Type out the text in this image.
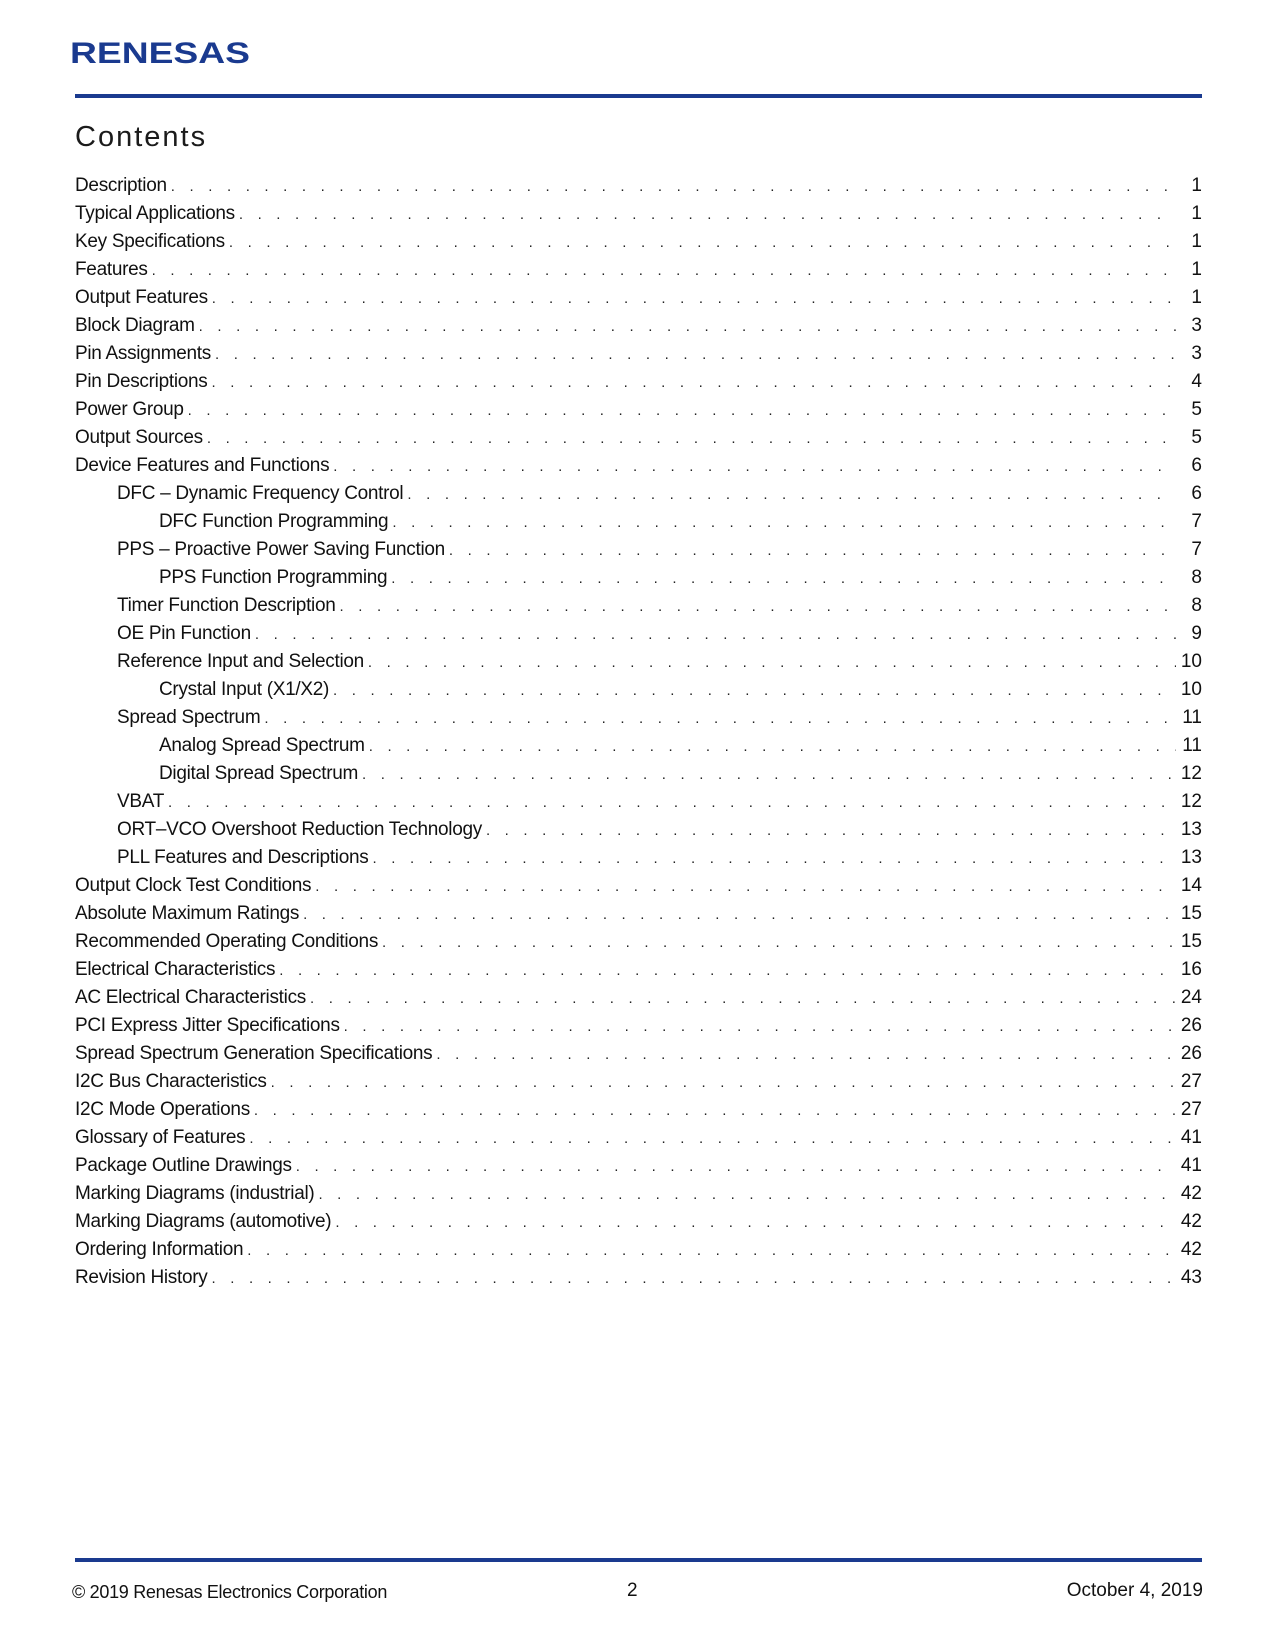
RENESAS
Contents
Description . . .	1
Typical Applications . . .	1
Key Specifications . . .	1
Features . . .	1
Output Features . . .	1
Block Diagram . . .	3
Pin Assignments . . .	3
Pin Descriptions . . .	4
Power Group . . .	5
Output Sources . . .	5
Device Features and Functions . . .	6
DFC – Dynamic Frequency Control . . .	6
DFC Function Programming . . .	7
PPS – Proactive Power Saving Function . . .	7
PPS Function Programming . . .	8
Timer Function Description . . .	8
OE Pin Function . . .	9
Reference Input and Selection . . .	10
Crystal Input (X1/X2) . . .	10
Spread Spectrum . . .	11
Analog Spread Spectrum . . .	11
Digital Spread Spectrum . . .	12
VBAT . . .	12
ORT–VCO Overshoot Reduction Technology . . .	13
PLL Features and Descriptions . . .	13
Output Clock Test Conditions . . .	14
Absolute Maximum Ratings . . .	15
Recommended Operating Conditions . . .	15
Electrical Characteristics . . .	16
AC Electrical Characteristics . . .	24
PCI Express Jitter Specifications . . .	26
Spread Spectrum Generation Specifications . . .	26
I2C Bus Characteristics . . .	27
I2C Mode Operations . . .	27
Glossary of Features . . .	41
Package Outline Drawings . . .	41
Marking Diagrams (industrial) . . .	42
Marking Diagrams (automotive) . . .	42
Ordering Information . . .	42
Revision History . . .	43
© 2019 Renesas Electronics Corporation	2	October 4, 2019
